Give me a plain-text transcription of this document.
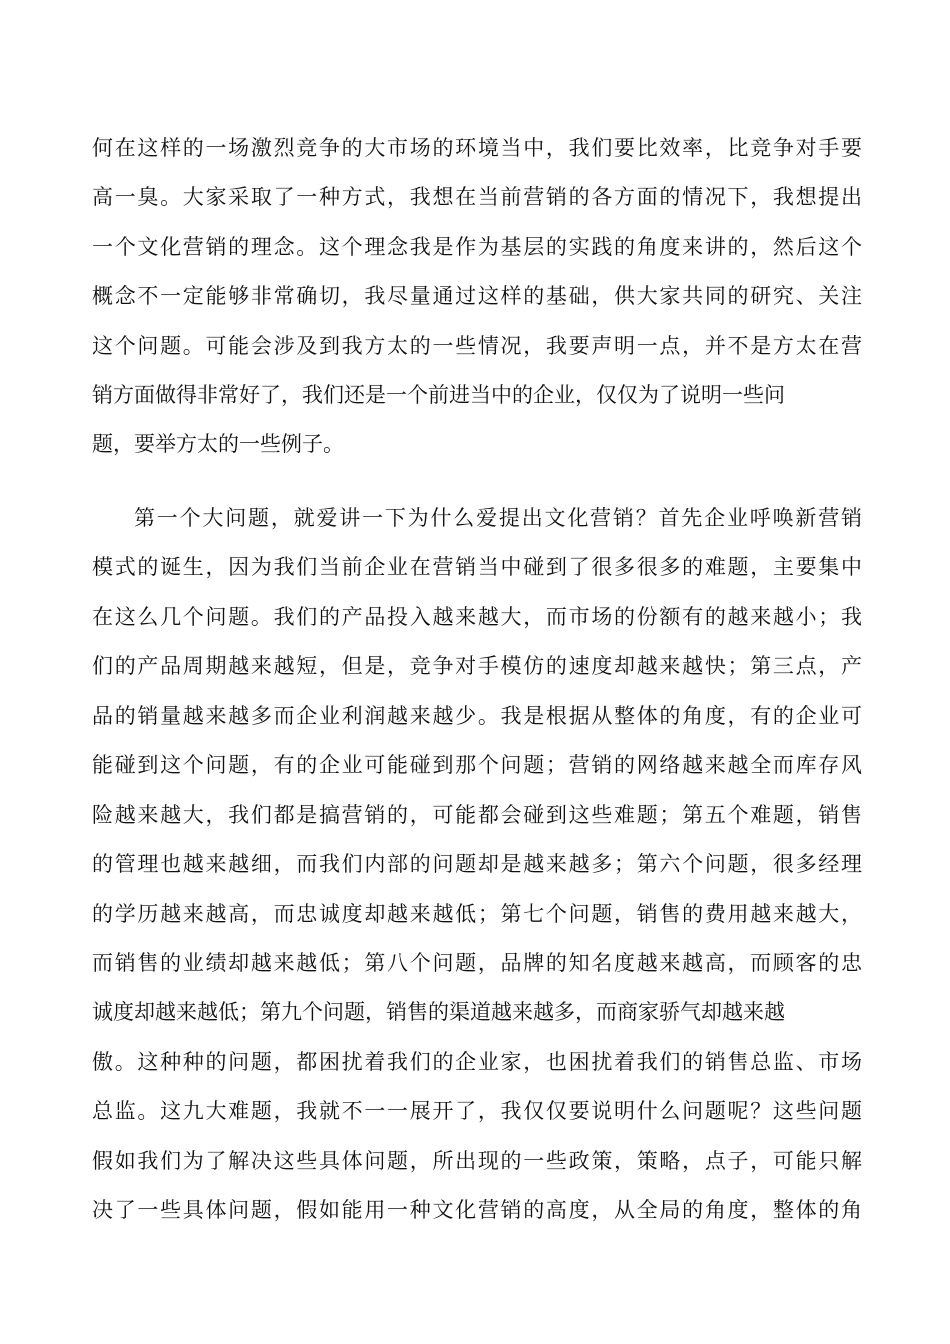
何在这样的一场激烈竞争的大市场的环境当中，我们要比效率，比竞争对手要
高一臭。大家采取了一种方式，我想在当前营销的各方面的情况下，我想提出
一个文化营销的理念。这个理念我是作为基层的实践的角度来讲的，然后这个
概念不一定能够非常确切，我尽量通过这样的基础，供大家共同的研究、关注
这个问题。可能会涉及到我方太的一些情况，我要声明一点，并不是方太在营
销方面做得非常好了，我们还是一个前进当中的企业，仅仅为了说明一些问
题，要举方太的一些例子。
第一个大问题，就爱讲一下为什么爱提出文化营销？首先企业呼唤新营销
模式的诞生，因为我们当前企业在营销当中碰到了很多很多的难题，主要集中
在这么几个问题。我们的产品投入越来越大，而市场的份额有的越来越小；我
们的产品周期越来越短，但是，竞争对手模仿的速度却越来越快；第三点，产
品的销量越来越多而企业利润越来越少。我是根据从整体的角度，有的企业可
能碰到这个问题，有的企业可能碰到那个问题；营销的网络越来越全而库存风
险越来越大，我们都是搞营销的，可能都会碰到这些难题；第五个难题，销售
的管理也越来越细，而我们内部的问题却是越来越多；第六个问题，很多经理
的学历越来越高，而忠诚度却越来越低；第七个问题，销售的费用越来越大，
而销售的业绩却越来越低；第八个问题，品牌的知名度越来越高，而顾客的忠
诚度却越来越低；第九个问题，销售的渠道越来越多，而商家骄气却越来越
傲。这种种的问题，都困扰着我们的企业家，也困扰着我们的销售总监、市场
总监。这九大难题，我就不一一展开了，我仅仅要说明什么问题呢？这些问题
假如我们为了解决这些具体问题，所出现的一些政策，策略，点子，可能只解
决了一些具体问题，假如能用一种文化营销的高度，从全局的角度，整体的角
